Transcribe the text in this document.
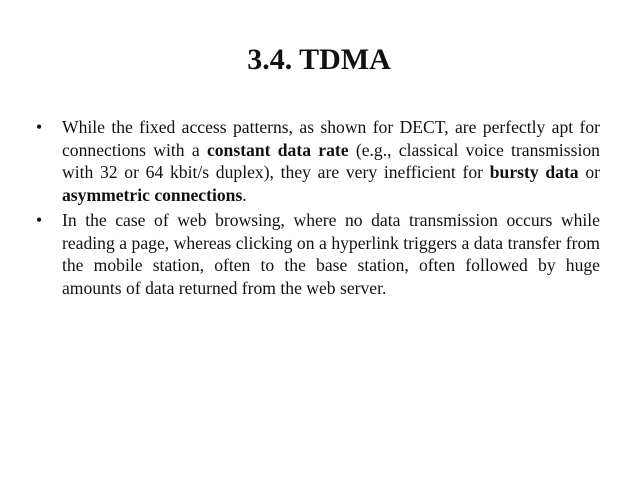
3.4. TDMA
•	While the fixed access patterns, as shown for DECT, are perfectly apt for connections with a constant data rate (e.g., classical voice transmission with 32 or 64 kbit/s duplex), they are very inefficient for bursty data or asymmetric connections.
•	In the case of web browsing, where no data transmission occurs while reading a page, whereas clicking on a hyperlink triggers a data transfer from the mobile station, often to the base station, often followed by huge amounts of data returned from the web server.
